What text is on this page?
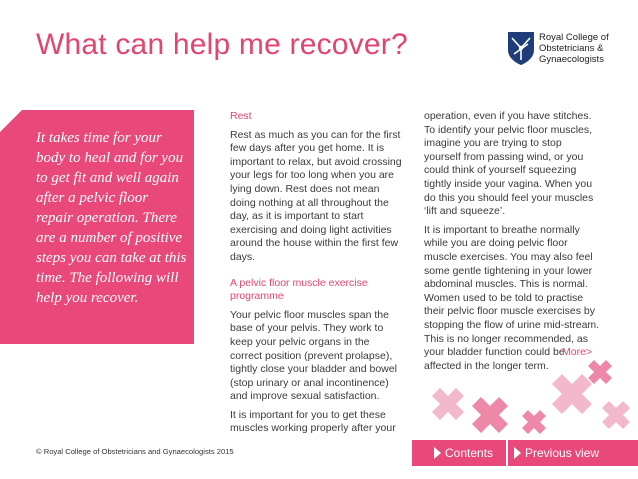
What can help me recover?	Royal College of
Obstetricians &
Gynaecologists
It takes time for your body to heal and for you to get fit and well again after a pelvic floor repair operation. There are a number of positive steps you can take at this time. The following will help you recover.
Rest

Rest as much as you can for the first few days after you get home. It is important to relax, but avoid crossing your legs for too long when you are lying down. Rest does not mean doing nothing at all throughout the day, as it is important to start exercising and doing light activities around the house within the first few days.

A pelvic floor muscle exercise programme

Your pelvic floor muscles span the base of your pelvis. They work to keep your pelvic organs in the correct position (prevent prolapse), tightly close your bladder and bowel (stop urinary or anal incontinence) and improve sexual satisfaction.

It is important for you to get these muscles working properly after your

operation, even if you have stitches. To identify your pelvic floor muscles, imagine you are trying to stop yourself from passing wind, or you could think of yourself squeezing tightly inside your vagina. When you do this you should feel your muscles ‘lift and squeeze’.

It is important to breathe normally while you are doing pelvic floor muscle exercises. You may also feel some gentle tightening in your lower abdominal muscles. This is normal. Women used to be told to practise their pelvic floor muscle exercises by stopping the flow of urine mid-stream. This is no longer recommended, as your bladder function could be affected in the longer term.

More>
© Royal College of Obstetricians and Gynaecologists 2015	Contents	Previous view
